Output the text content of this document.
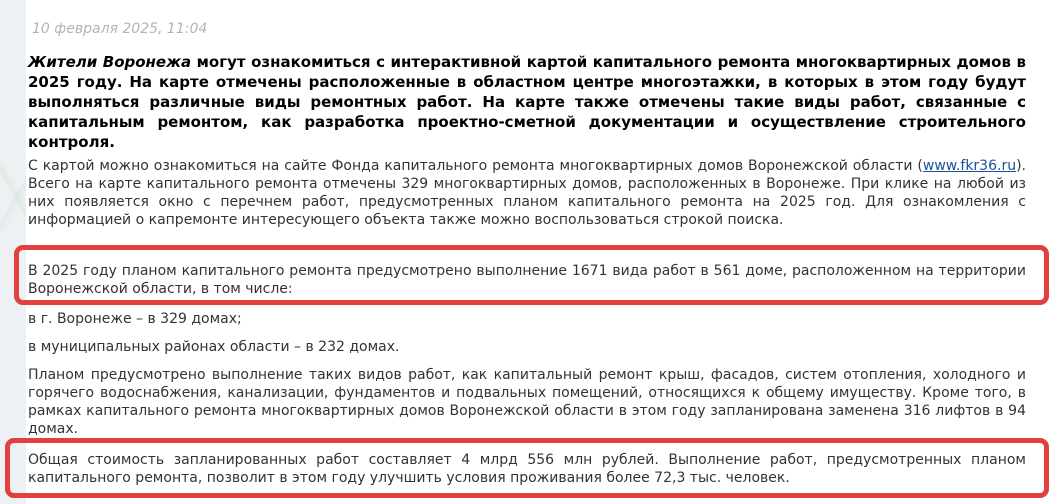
10 февраля 2025, 11:04
Жители Воронежа могут ознакомиться с интерактивной картой капитального ремонта многоквартирных домов в 2025 году. На карте отмечены расположенные в областном центре многоэтажки, в которых в этом году будут выполняться различные виды ремонтных работ. На карте также отмечены такие виды работ, связанные с капитальным ремонтом, как разработка проектно-сметной документации и осуществление строительного контроля.

С картой можно ознакомиться на сайте Фонда капитального ремонта многоквартирных домов Воронежской области (www.fkr36.ru). Всего на карте капитального ремонта отмечены 329 многоквартирных домов, расположенных в Воронеже. При клике на любой из них появляется окно с перечнем работ, предусмотренных планом капитального ремонта на 2025 год. Для ознакомления с информацией о капремонте интересующего объекта также можно воспользоваться строкой поиска.

В 2025 году планом капитального ремонта предусмотрено выполнение 1671 вида работ в 561 доме, расположенном на территории Воронежской области, в том числе:

в г. Воронеже – в 329 домах;

в муниципальных районах области – в 232 домах.

Планом предусмотрено выполнение таких видов работ, как капитальный ремонт крыш, фасадов, систем отопления, холодного и горячего водоснабжения, канализации, фундаментов и подвальных помещений, относящихся к общему имуществу. Кроме того, в рамках капитального ремонта многоквартирных домов Воронежской области в этом году запланирована заменена 316 лифтов в 94 домах.

Общая стоимость запланированных работ составляет 4 млрд 556 млн рублей. Выполнение работ, предусмотренных планом капитального ремонта, позволит в этом году улучшить условия проживания более 72,3 тыс. человек.
